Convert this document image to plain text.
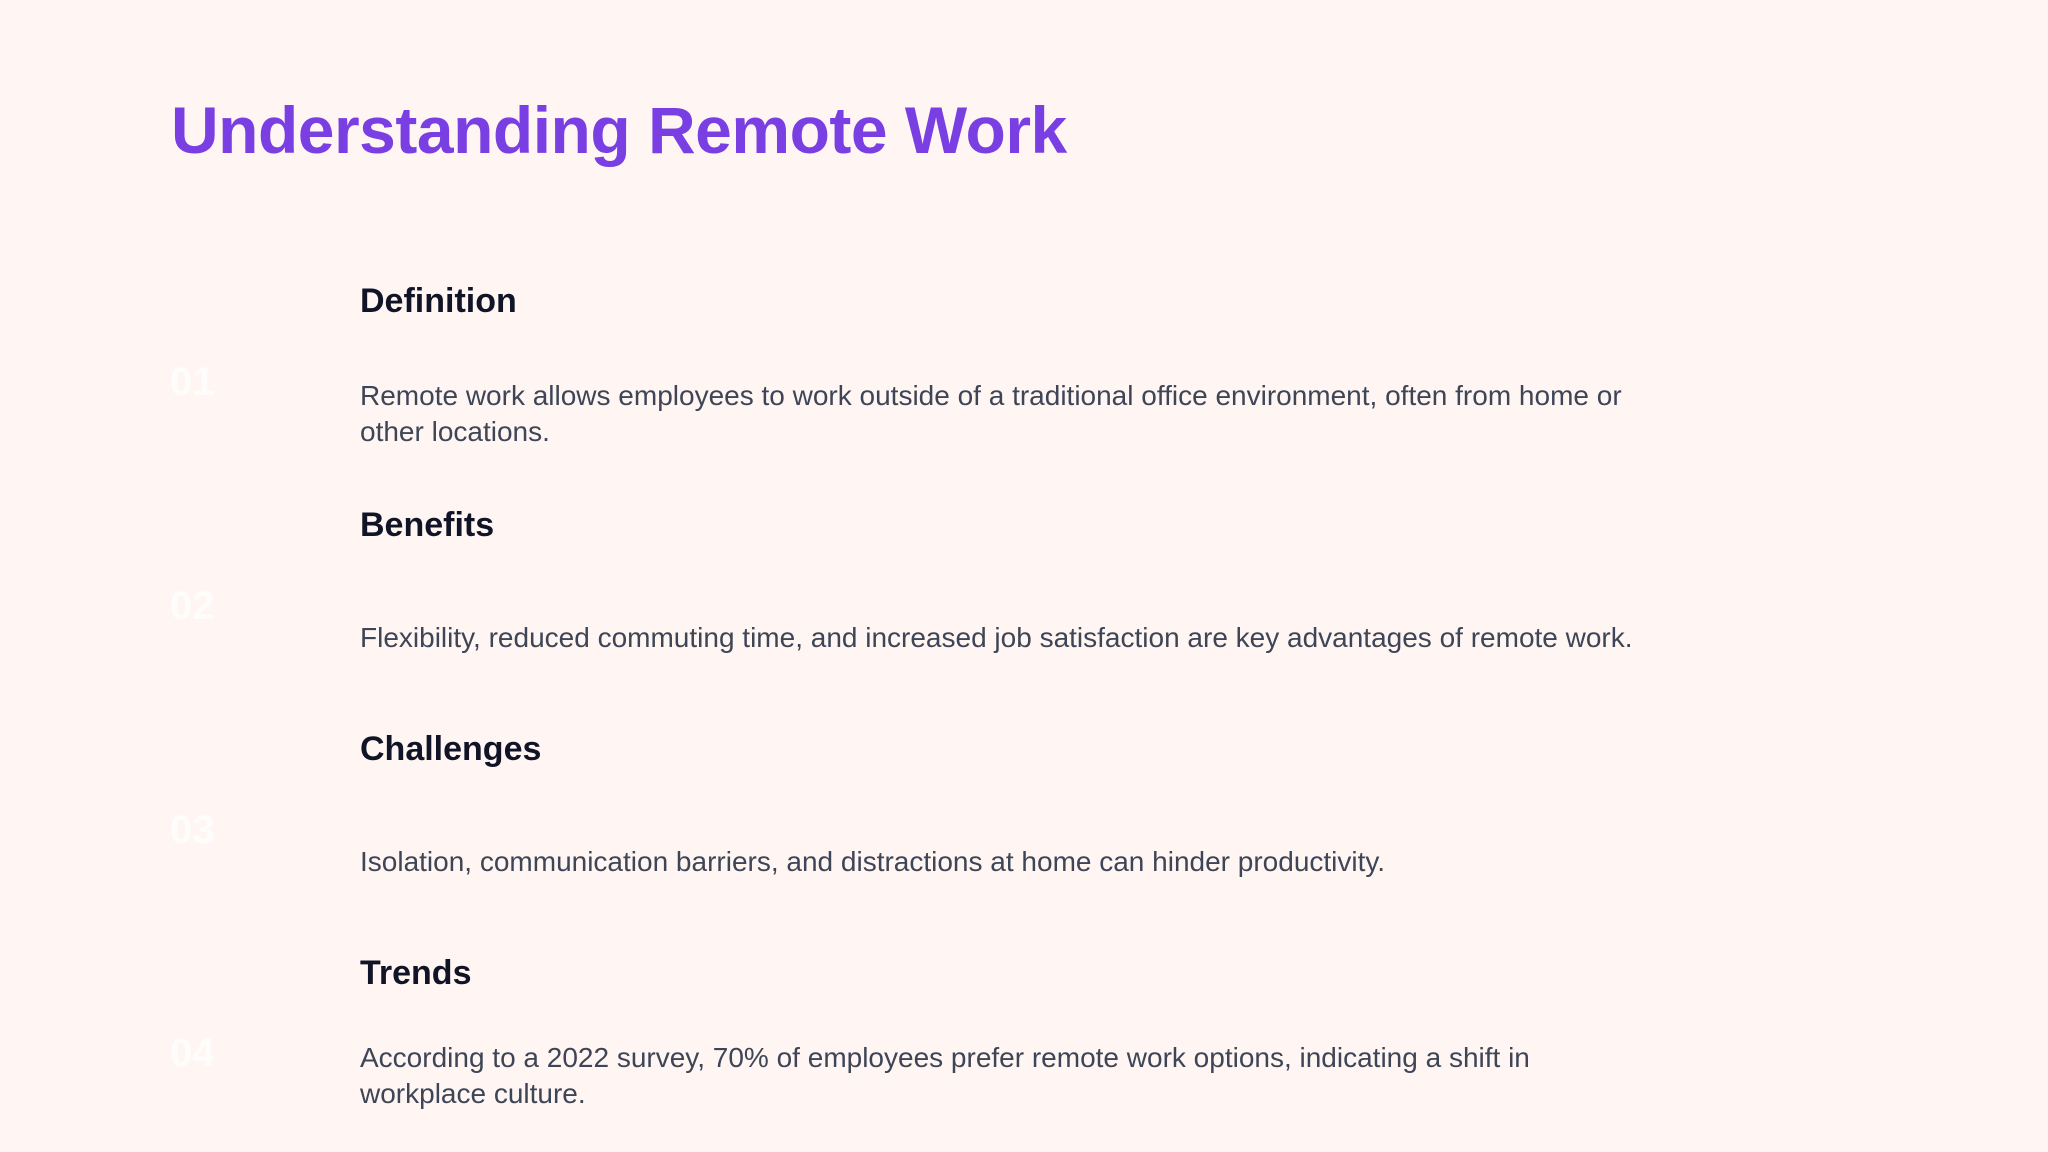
Understanding Remote Work
01
Definition

Remote work allows employees to work outside of a traditional office environment, often from home or other locations.

02
Benefits

Flexibility, reduced commuting time, and increased job satisfaction are key advantages of remote work.

03
Challenges

Isolation, communication barriers, and distractions at home can hinder productivity.

04
Trends

According to a 2022 survey, 70% of employees prefer remote work options, indicating a shift in workplace culture.
